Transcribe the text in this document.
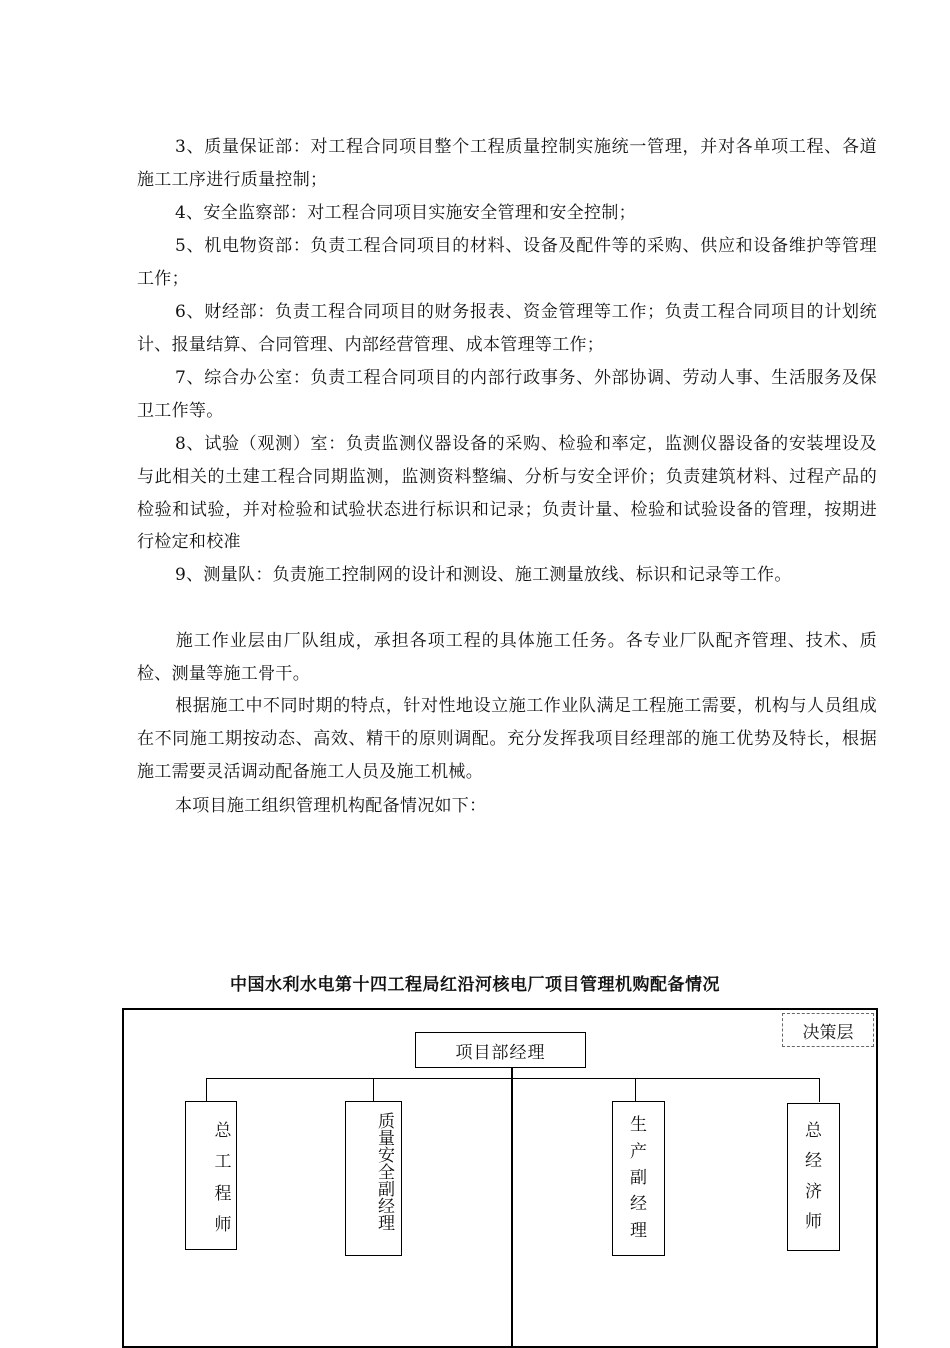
3、质量保证部：对工程合同项目整个工程质量控制实施统一管理，并对各单项工程、各道施工工序进行质量控制；
4、安全监察部：对工程合同项目实施安全管理和安全控制；
5、机电物资部：负责工程合同项目的材料、设备及配件等的采购、供应和设备维护等管理工作；
6、财经部：负责工程合同项目的财务报表、资金管理等工作；负责工程合同项目的计划统计、报量结算、合同管理、内部经营管理、成本管理等工作；
7、综合办公室：负责工程合同项目的内部行政事务、外部协调、劳动人事、生活服务及保卫工作等。
8、试验（观测）室：负责监测仪器设备的采购、检验和率定，监测仪器设备的安装埋设及与此相关的土建工程合同期监测，监测资料整编、分析与安全评价；负责建筑材料、过程产品的检验和试验，并对检验和试验状态进行标识和记录；负责计量、检验和试验设备的管理，按期进行检定和校准
9、测量队：负责施工控制网的设计和测设、施工测量放线、标识和记录等工作。
施工作业层由厂队组成，承担各项工程的具体施工任务。各专业厂队配齐管理、技术、质检、测量等施工骨干。
根据施工中不同时期的特点，针对性地设立施工作业队满足工程施工需要，机构与人员组成在不同施工期按动态、高效、精干的原则调配。充分发挥我项目经理部的施工优势及特长，根据施工需要灵活调动配备施工人员及施工机械。
本项目施工组织管理机构配备情况如下：
中国水利水电第十四工程局红沿河核电厂项目管理机购配备情况
决策层
项目部经理
总
工
程
师	质量安全副经理	生
产
副
经
理
总
经
济
师
